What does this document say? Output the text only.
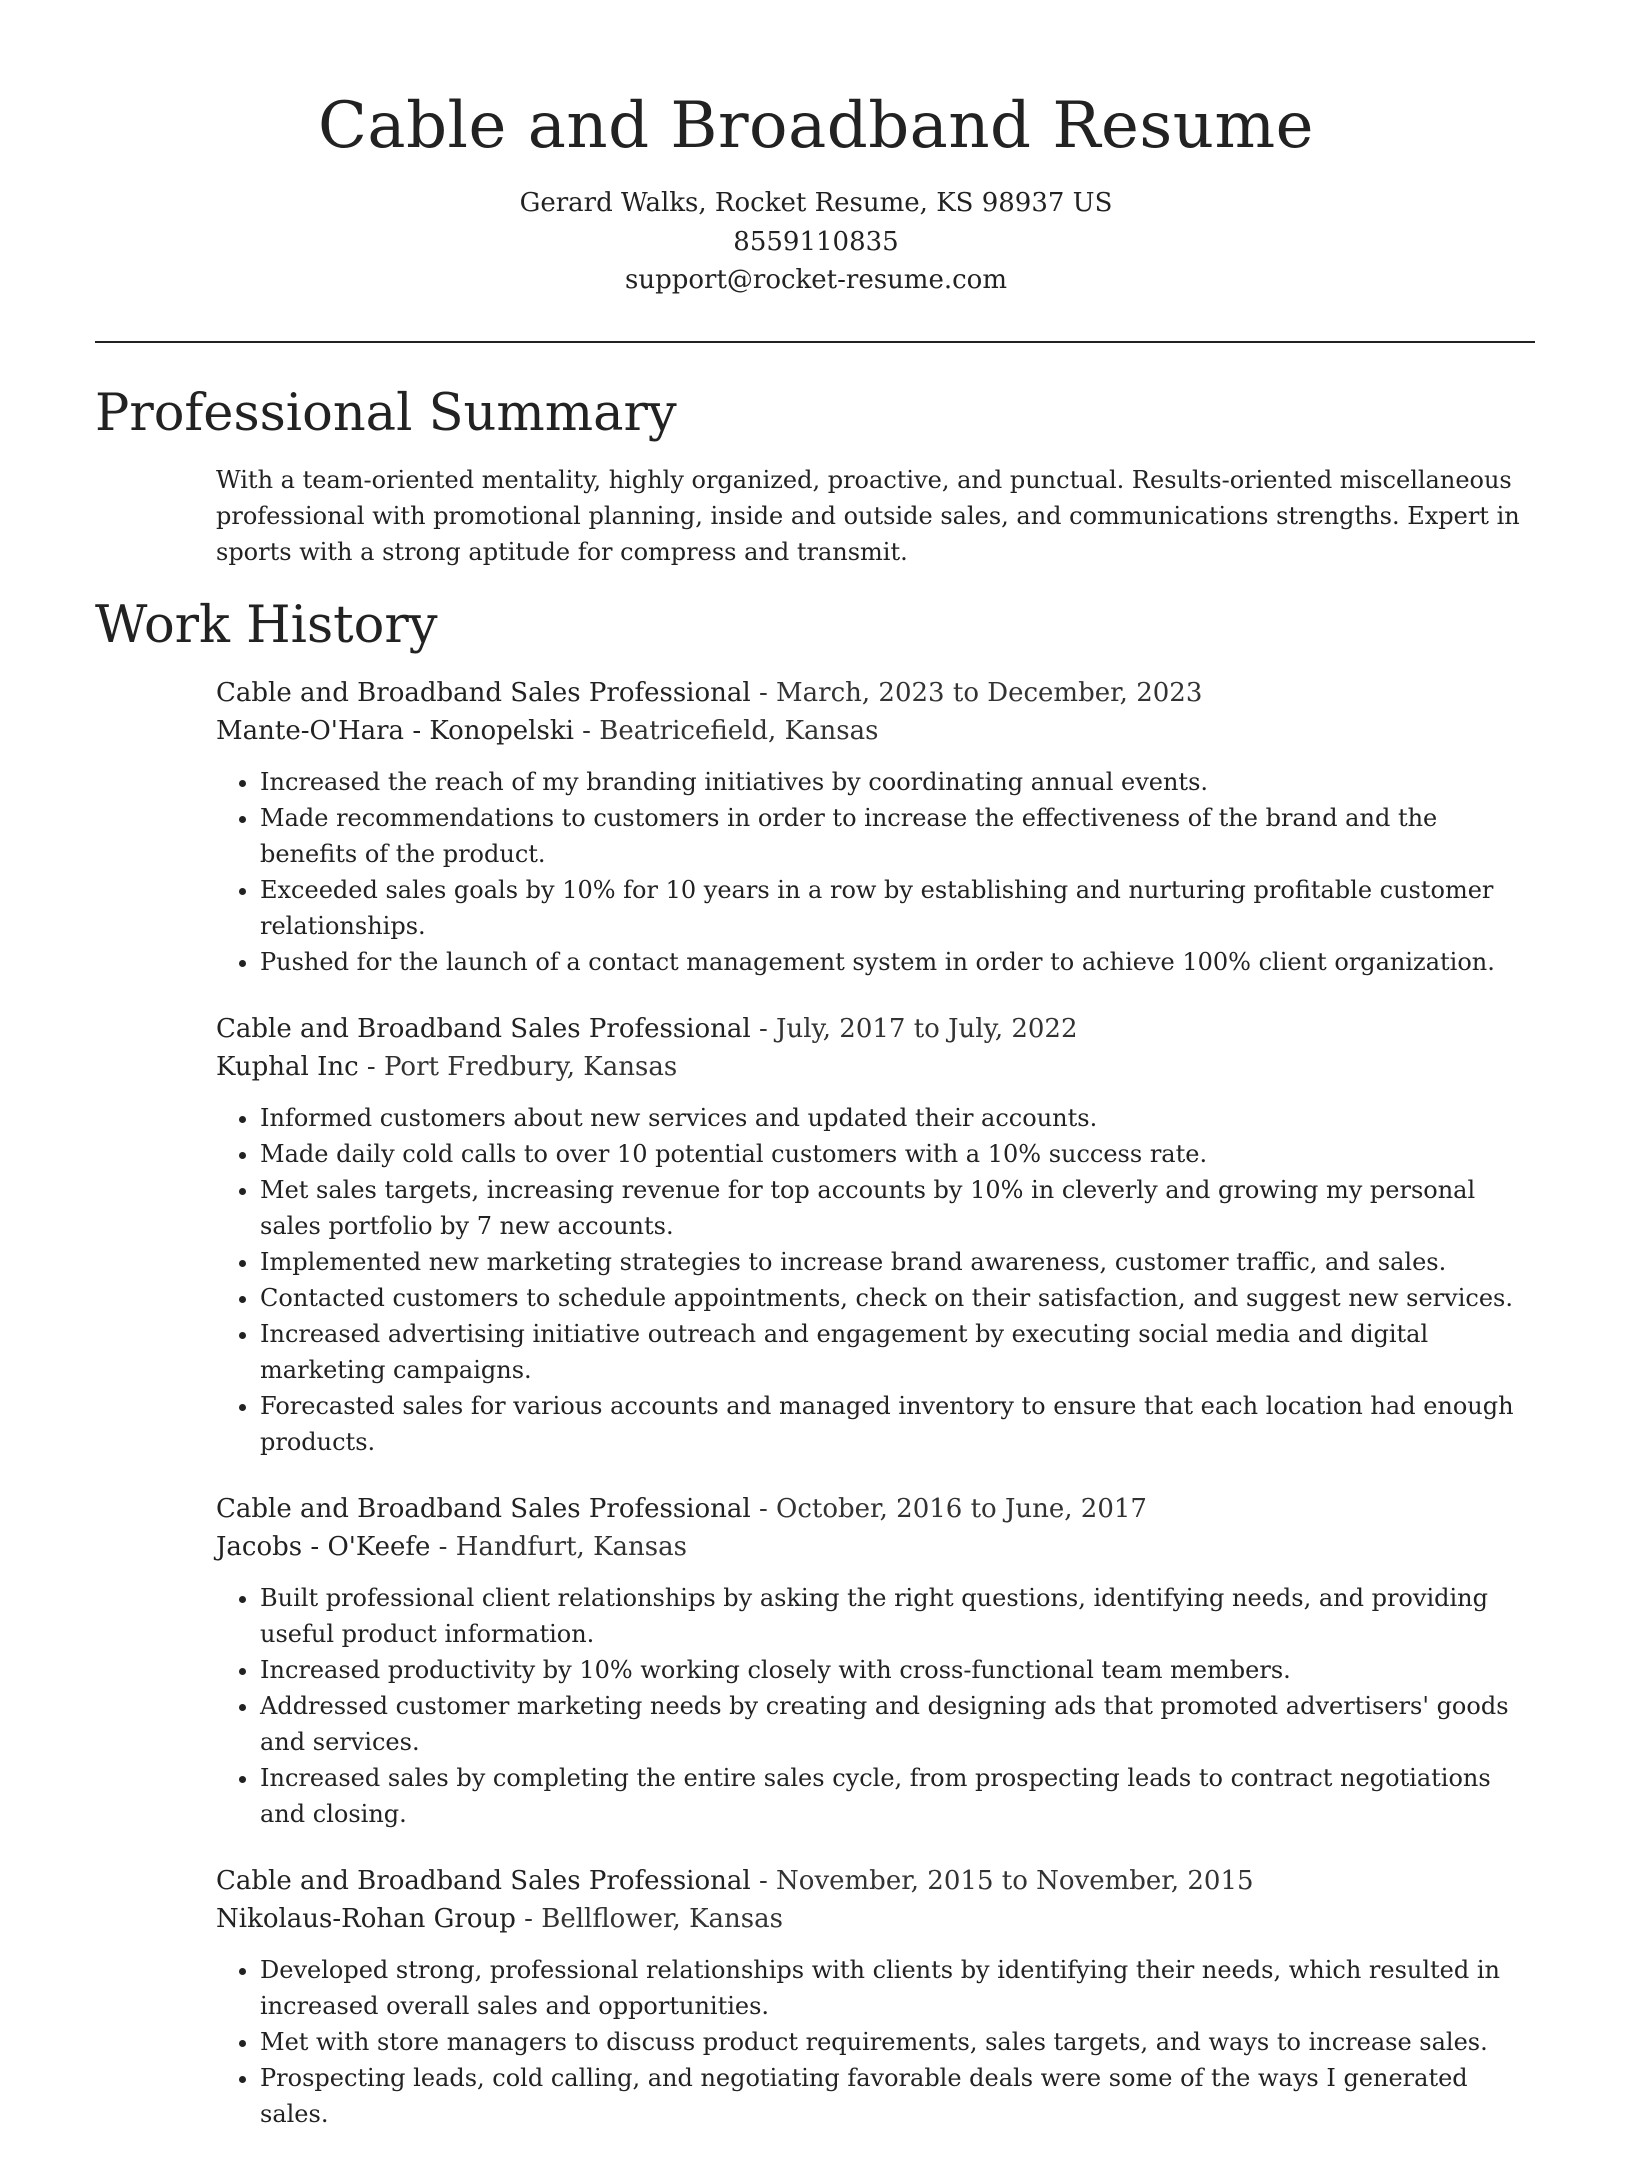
Cable and Broadband Resume
Gerard Walks, Rocket Resume, KS 98937 US
8559110835
support@rocket-resume.com
Professional Summary

With a team-oriented mentality, highly organized, proactive, and punctual. Results-oriented miscellaneous professional with promotional planning, inside and outside sales, and communications strengths. Expert in sports with a strong aptitude for compress and transmit.

Work History

Cable and Broadband Sales Professional - March, 2023 to December, 2023

Mante-O'Hara - Konopelski - Beatricefield, Kansas

• Increased the reach of my branding initiatives by coordinating annual events.
• Made recommendations to customers in order to increase the effectiveness of the brand and the benefits of the product.
• Exceeded sales goals by 10% for 10 years in a row by establishing and nurturing profitable customer relationships.
• Pushed for the launch of a contact management system in order to achieve 100% client organization.

Cable and Broadband Sales Professional - July, 2017 to July, 2022

Kuphal Inc - Port Fredbury, Kansas

• Informed customers about new services and updated their accounts.
• Made daily cold calls to over 10 potential customers with a 10% success rate.
• Met sales targets, increasing revenue for top accounts by 10% in cleverly and growing my personal sales portfolio by 7 new accounts.
• Implemented new marketing strategies to increase brand awareness, customer traffic, and sales.
• Contacted customers to schedule appointments, check on their satisfaction, and suggest new services.
• Increased advertising initiative outreach and engagement by executing social media and digital marketing campaigns.
• Forecasted sales for various accounts and managed inventory to ensure that each location had enough products.

Cable and Broadband Sales Professional - October, 2016 to June, 2017

Jacobs - O'Keefe - Handfurt, Kansas

• Built professional client relationships by asking the right questions, identifying needs, and providing useful product information.
• Increased productivity by 10% working closely with cross-functional team members.
• Addressed customer marketing needs by creating and designing ads that promoted advertisers' goods and services.
• Increased sales by completing the entire sales cycle, from prospecting leads to contract negotiations and closing.

Cable and Broadband Sales Professional - November, 2015 to November, 2015

Nikolaus-Rohan Group - Bellflower, Kansas

• Developed strong, professional relationships with clients by identifying their needs, which resulted in increased overall sales and opportunities.
• Met with store managers to discuss product requirements, sales targets, and ways to increase sales.
• Prospecting leads, cold calling, and negotiating favorable deals were some of the ways I generated sales.
